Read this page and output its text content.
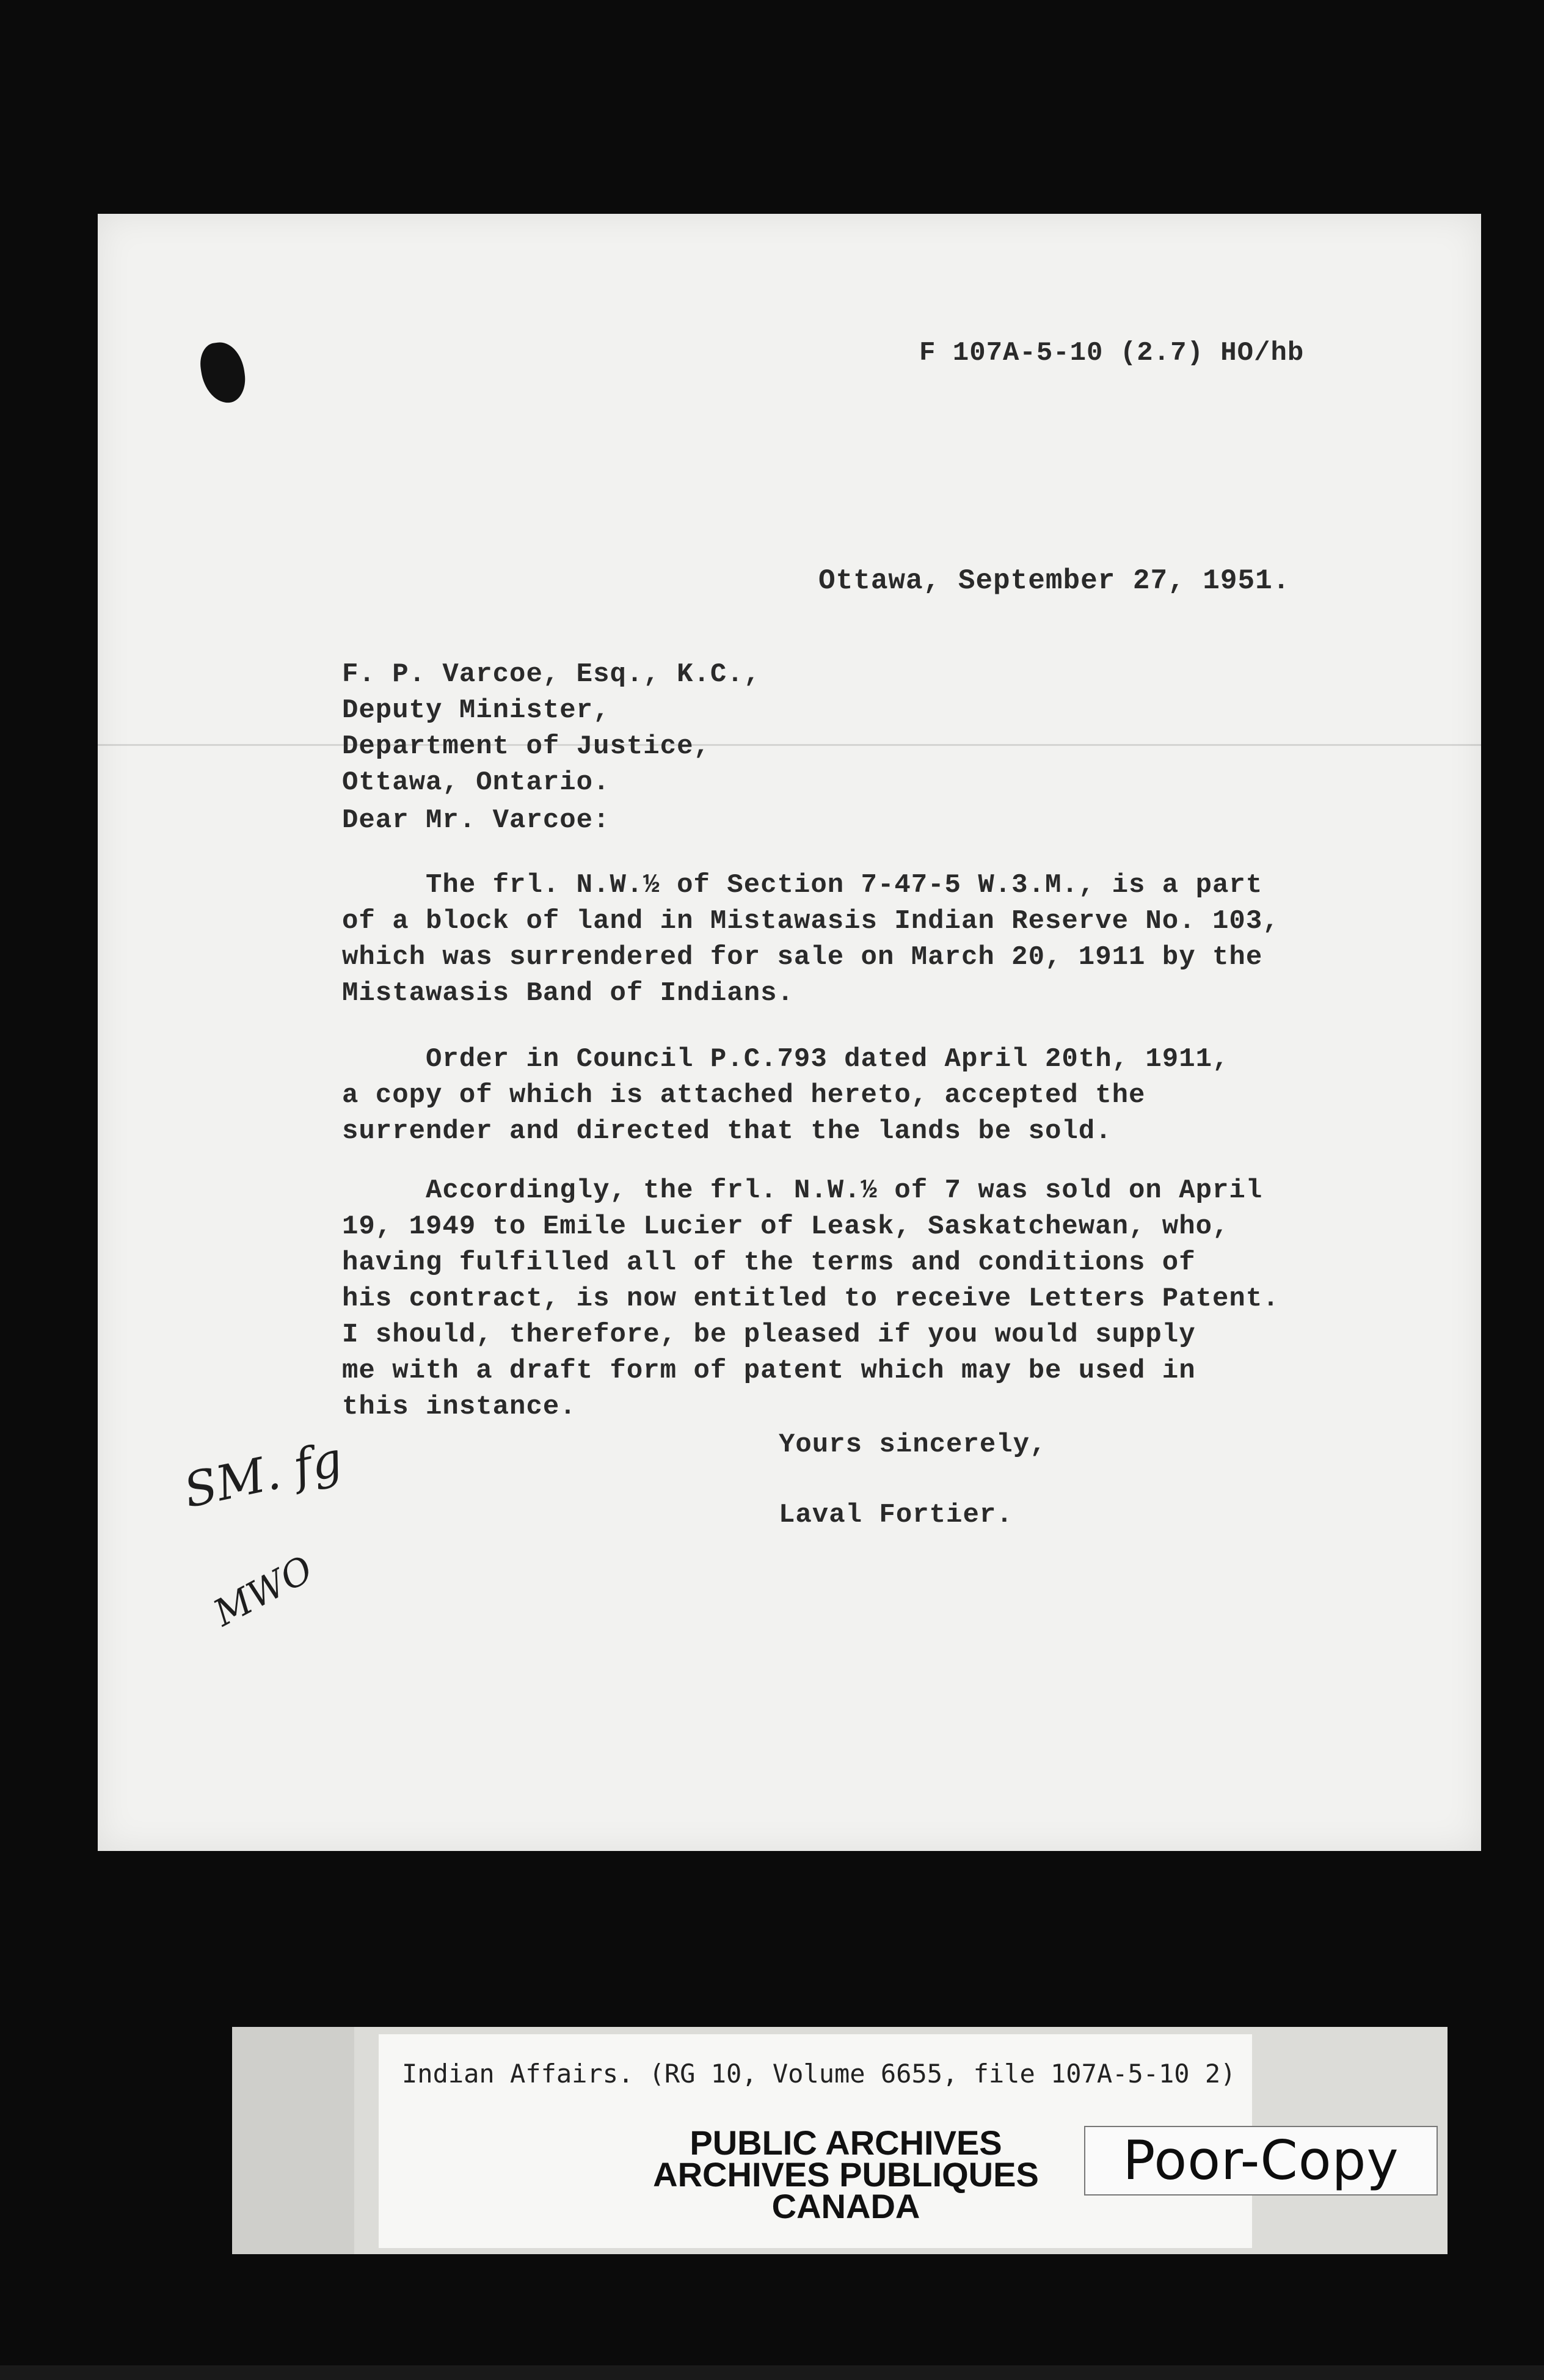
F 107A-5-10 (2.7) HO/hb
Ottawa, September 27, 1951.
F. P. Varcoe, Esq., K.C.,
Deputy Minister,
Department of Justice,
Ottawa, Ontario.
Dear Mr. Varcoe:
The frl. N.W.½ of Section 7-47-5 W.3.M., is a part
of a block of land in Mistawasis Indian Reserve No. 103,
which was surrendered for sale on March 20, 1911 by the
Mistawasis Band of Indians.
Order in Council P.C.793 dated April 20th, 1911,
a copy of which is attached hereto, accepted the
surrender and directed that the lands be sold.
Accordingly, the frl. N.W.½ of 7 was sold on April
19, 1949 to Emile Lucier of Leask, Saskatchewan, who,
having fulfilled all of the terms and conditions of
his contract, is now entitled to receive Letters Patent.
I should, therefore, be pleased if you would supply
me with a draft form of patent which may be used in
this instance.
Yours sincerely,
Laval Fortier.
SM. fg
MWO
Indian Affairs. (RG 10, Volume 6655, file 107A-5-10 2)
PUBLIC ARCHIVES
ARCHIVES PUBLIQUES
CANADA
Poor-Copy
